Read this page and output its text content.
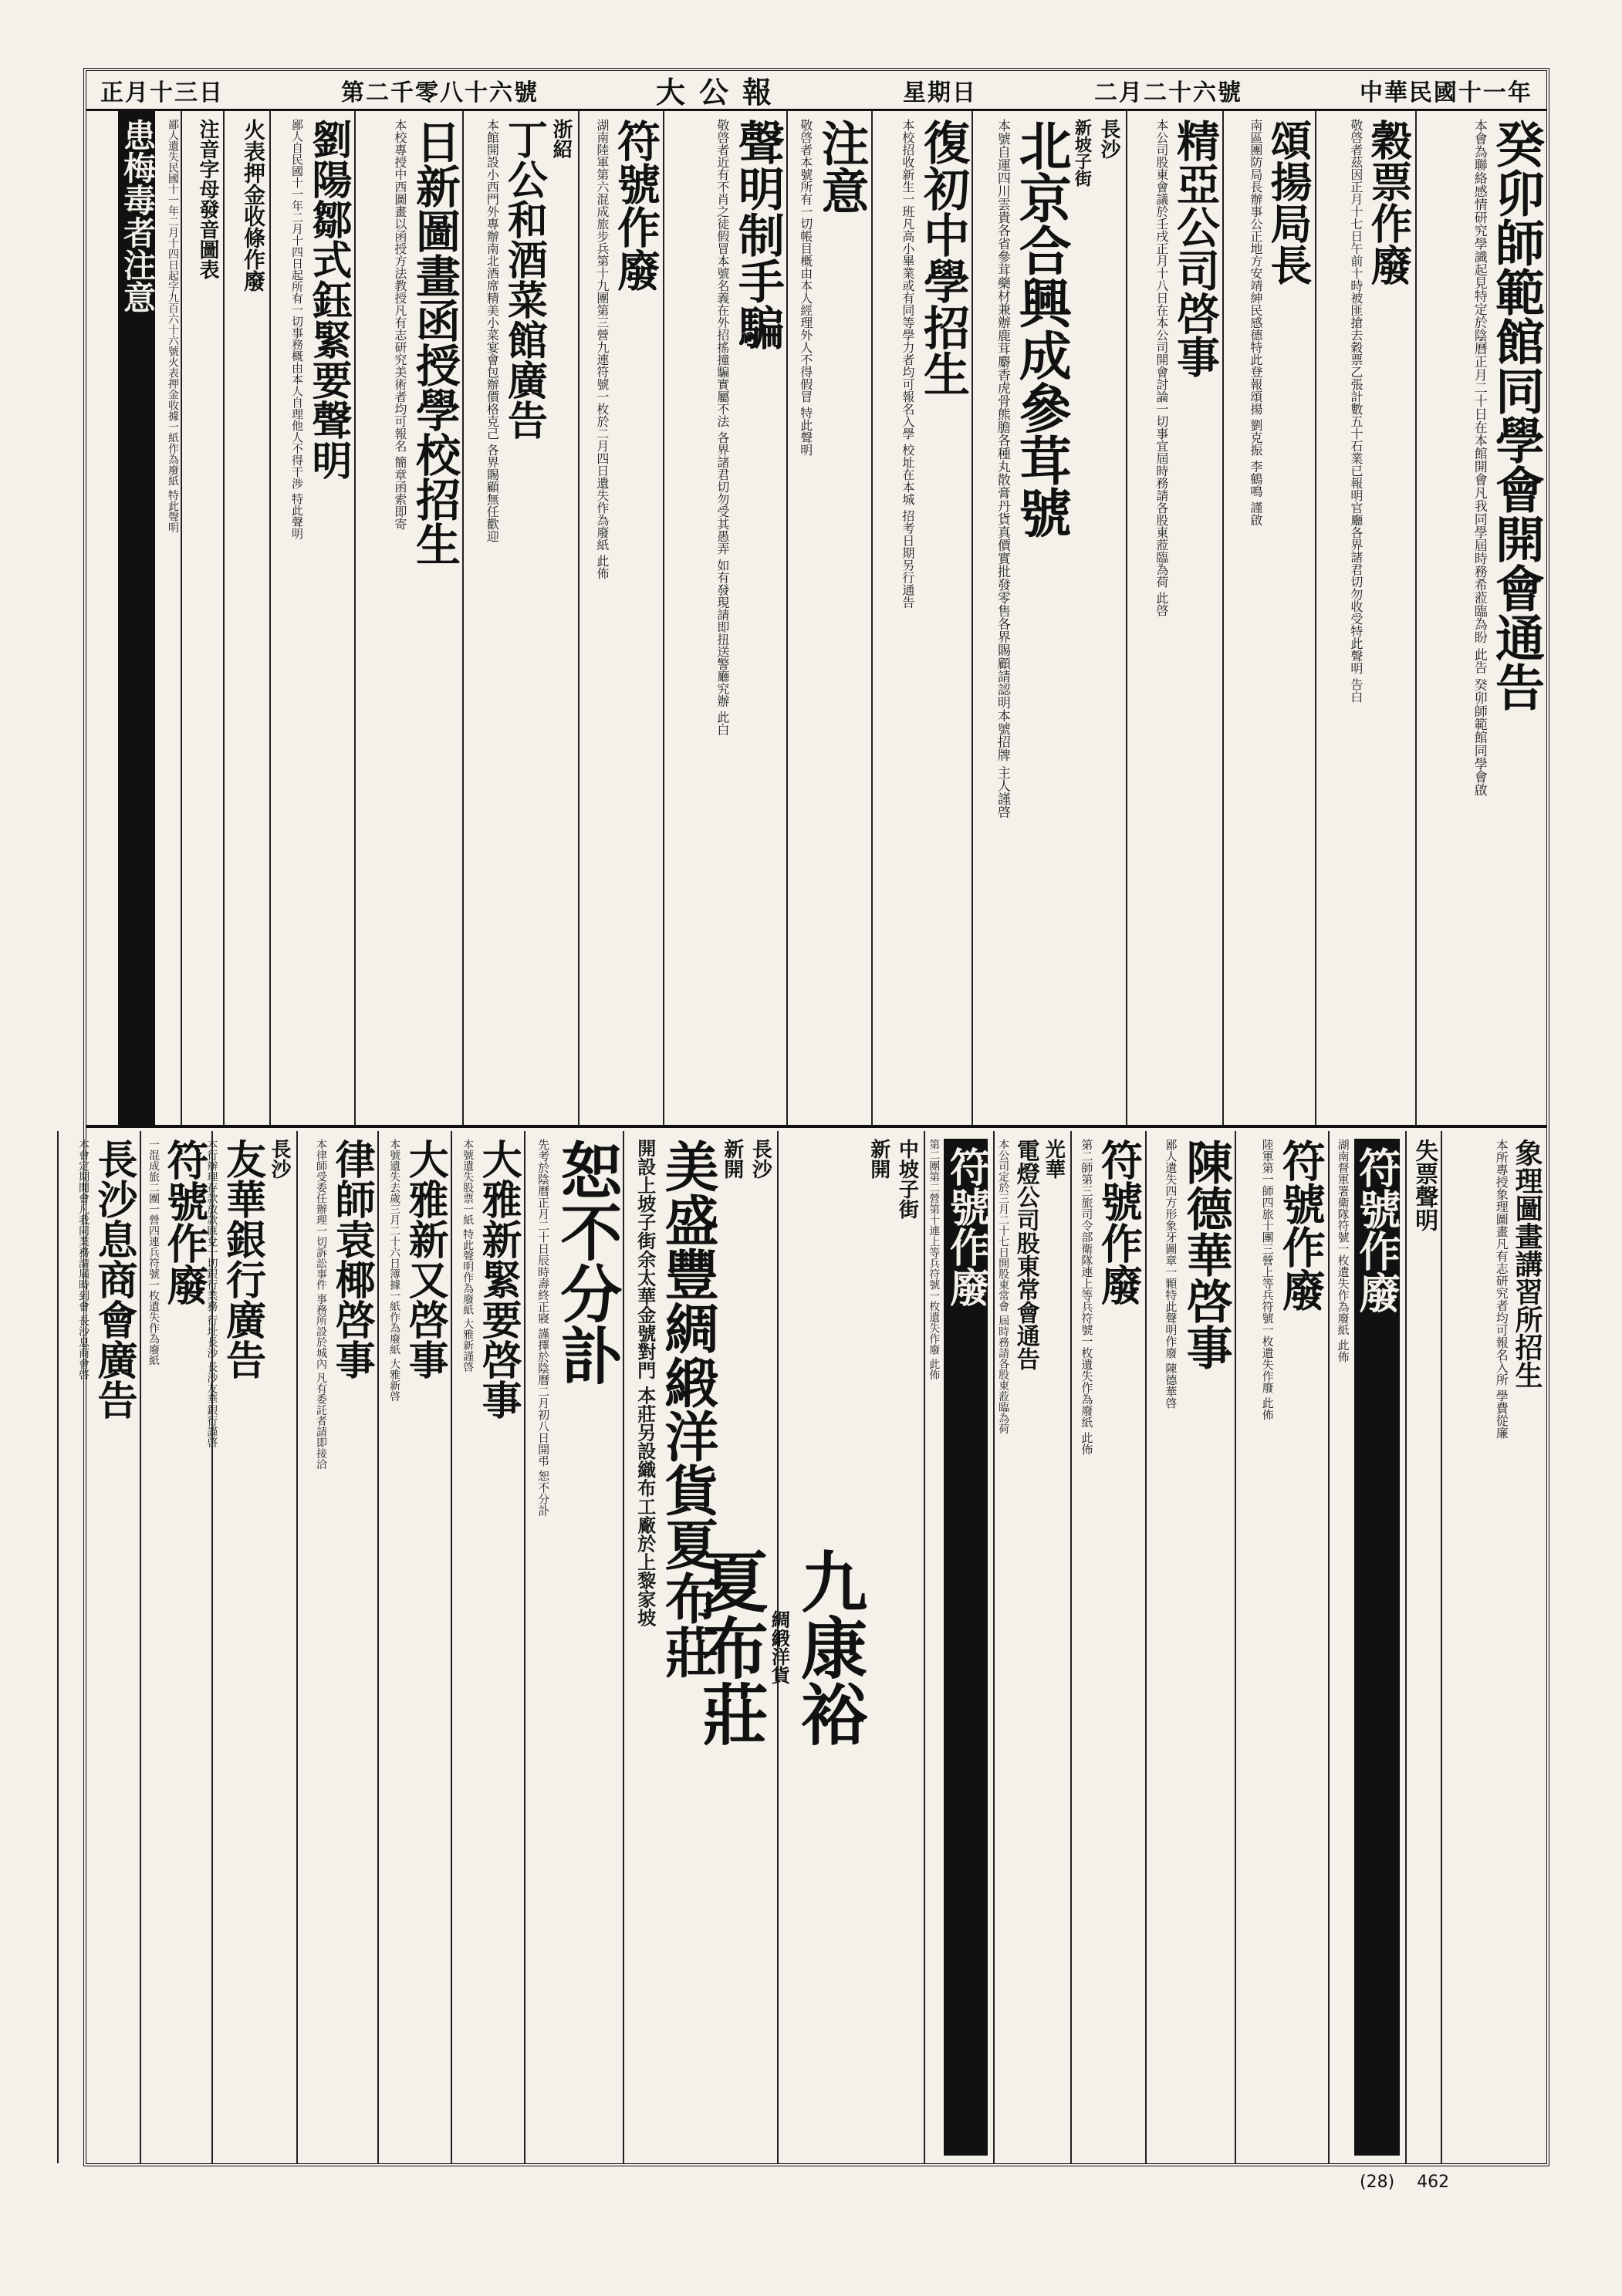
正月十三日	第二千零八十六號	大公報	星期日	二月二十六號	中華民國十一年
癸卯師範館同學會開會通告
本會為聯絡感情研究學識起見特定於陰曆正月二十日在本館開會凡我同學屆時務希蒞臨為盼 此告 癸卯師範館同學會啟
穀票作廢
敬啓者茲因正月十七日午前十時被匪搶去穀票乙張計數五十石業已報明官廳各界諸君切勿收受特此聲明 告白
頌揚局長
南區團防局長辦事公正地方安靖紳民感德特此登報頌揚 劉克振 李鶴鳴 謹啟
精亞公司啓事
本公司股東會議於壬戌正月十八日在本公司開會討論一切事宜屆時務請各股東蒞臨為荷 此啓
長沙
新坡子街
北京合興成參茸號
本號自運四川雲貴各省參茸藥材兼辦鹿茸麝香虎骨熊膽各種丸散膏丹貨真價實批發零售各界賜顧請認明本號招牌 主人謹啓
復初中學招生
本校招收新生一班凡高小畢業或有同等學力者均可報名入學 校址在本城 招考日期另行通告
注意
敬啓者本號所有一切帳目概由本人經理外人不得假冒 特此聲明
聲明制手騙
敬啓者近有不肖之徒假冒本號名義在外招搖撞騙實屬不法 各界諸君切勿受其愚弄 如有發現請即扭送警廳究辦 此白
符號作廢
湖南陸軍第六混成旅步兵第十九團第三營九連符號一枚於二月四日遺失作為廢紙 此佈
浙紹
丁公和酒菜館廣告
本館開設小西門外專辦南北酒席精美小菜宴會包辦價格克己 各界賜顧無任歡迎
日新圖畫函授學校招生
本校專授中西圖畫以函授方法教授凡有志研究美術者均可報名 簡章函索即寄
劉陽鄒式鈺緊要聲明
鄙人自民國十一年二月十四日起所有一切事務概由本人自理他人不得干涉 特此聲明
火表押金收條作廢
注音字母發音圖表
鄙人遺失民國十一年二月十四日起字九百六十六號火表押金收據一紙作為廢紙 特此聲明
患梅毒者注意
象理圖畫講習所招生
本所專授象理圖畫凡有志研究者均可報名入所 學費從廉
失票聲明
符號作廢
湖南督軍署衛隊符號一枚遺失作為廢紙 此佈
符號作廢
陸軍第一師四旅十團三營上等兵符號一枚遺失作廢 此佈
陳德華啓事
鄙人遺失四方形象牙圖章一顆特此聲明作廢 陳德華啓
符號作廢
第二師第三旅司令部衛隊連上等兵符號一枚遺失作為廢紙 此佈
光華
電燈公司股東常會通告
本公司定於三月二十七日開股東常會 屆時務請各股東蒞臨為荷
符號作廢
第二團第二營第十連上等兵符號一枚遺失作廢 此佈
中坡子街
新開
九康裕
綢緞洋貨
夏布莊
長沙
新開
美盛豐綢緞洋貨夏布莊
開設上坡子街余太華金號對門 本莊另設織布工廠於上黎家坡
恕不分訃
先考於陰曆正月二十日辰時壽終正寢 謹擇於陰曆二月初八日開弔 恕不分訃
大雅新緊要啓事
本號遺失股票一紙 特此聲明作為廢紙 大雅新謹啓
大雅新又啓事
本號遺失去歲三月二十六日簿據一紙作為廢紙 大雅新啓
律師袁椰啓事
本律師受委任辦理一切訴訟事件 事務所設於城內 凡有委託者請即接洽
長沙
友華銀行廣告
本行辦理存款放款匯兌一切銀行業務 行址長沙 長沙友華銀行謹啓
符號作廢
一混成旅二團一營四連兵符號一枚遺失作為廢紙
長沙息商會廣告
本會定期開會凡我同業務請屆時到會 長沙息商會啓
(28) 462
